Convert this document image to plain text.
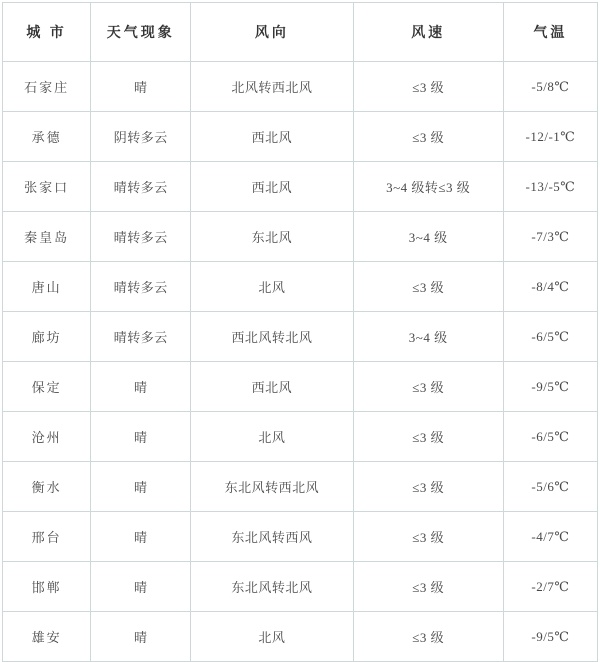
城 市	天气现象	风向	风速	气温
石家庄	晴	北风转西北风	≤3 级	-5/8℃
承德	阴转多云	西北风	≤3 级	-12/-1℃
张家口	晴转多云	西北风	3~4 级转≤3 级	-13/-5℃
秦皇岛	晴转多云	东北风	3~4 级	-7/3℃
唐山	晴转多云	北风	≤3 级	-8/4℃
廊坊	晴转多云	西北风转北风	3~4 级	-6/5℃
保定	晴	西北风	≤3 级	-9/5℃
沧州	晴	北风	≤3 级	-6/5℃
衡水	晴	东北风转西北风	≤3 级	-5/6℃
邢台	晴	东北风转西风	≤3 级	-4/7℃
邯郸	晴	东北风转北风	≤3 级	-2/7℃
雄安	晴	北风	≤3 级	-9/5℃
